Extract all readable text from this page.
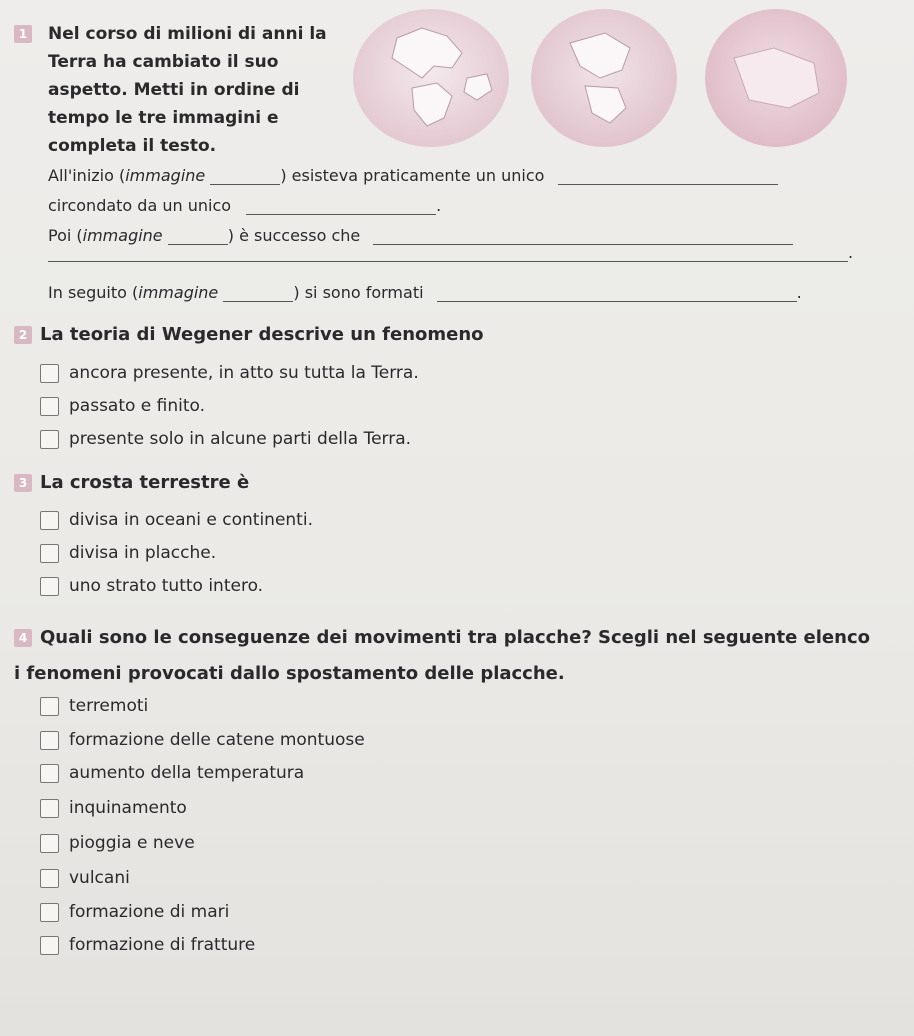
1 Nel corso di milioni di anni la Terra ha cambiato il suo aspetto. Metti in ordine di tempo le tre immagini e completa il testo.
All'inizio (immagine	) esisteva praticamente un unico
circondato da un unico	.
Poi (immagine	) è successo che
.
In seguito (immagine	) si sono formati	.
2 La teoria di Wegener descrive un fenomeno
ancora presente, in atto su tutta la Terra.
passato e finito.
presente solo in alcune parti della Terra.
3 La crosta terrestre è
divisa in oceani e continenti.
divisa in placche.
uno strato tutto intero.
4 Quali sono le conseguenze dei movimenti tra placche? Scegli nel seguente elenco
i fenomeni provocati dallo spostamento delle placche.
terremoti
formazione delle catene montuose
aumento della temperatura
inquinamento
pioggia e neve
vulcani
formazione di mari
formazione di fratture
